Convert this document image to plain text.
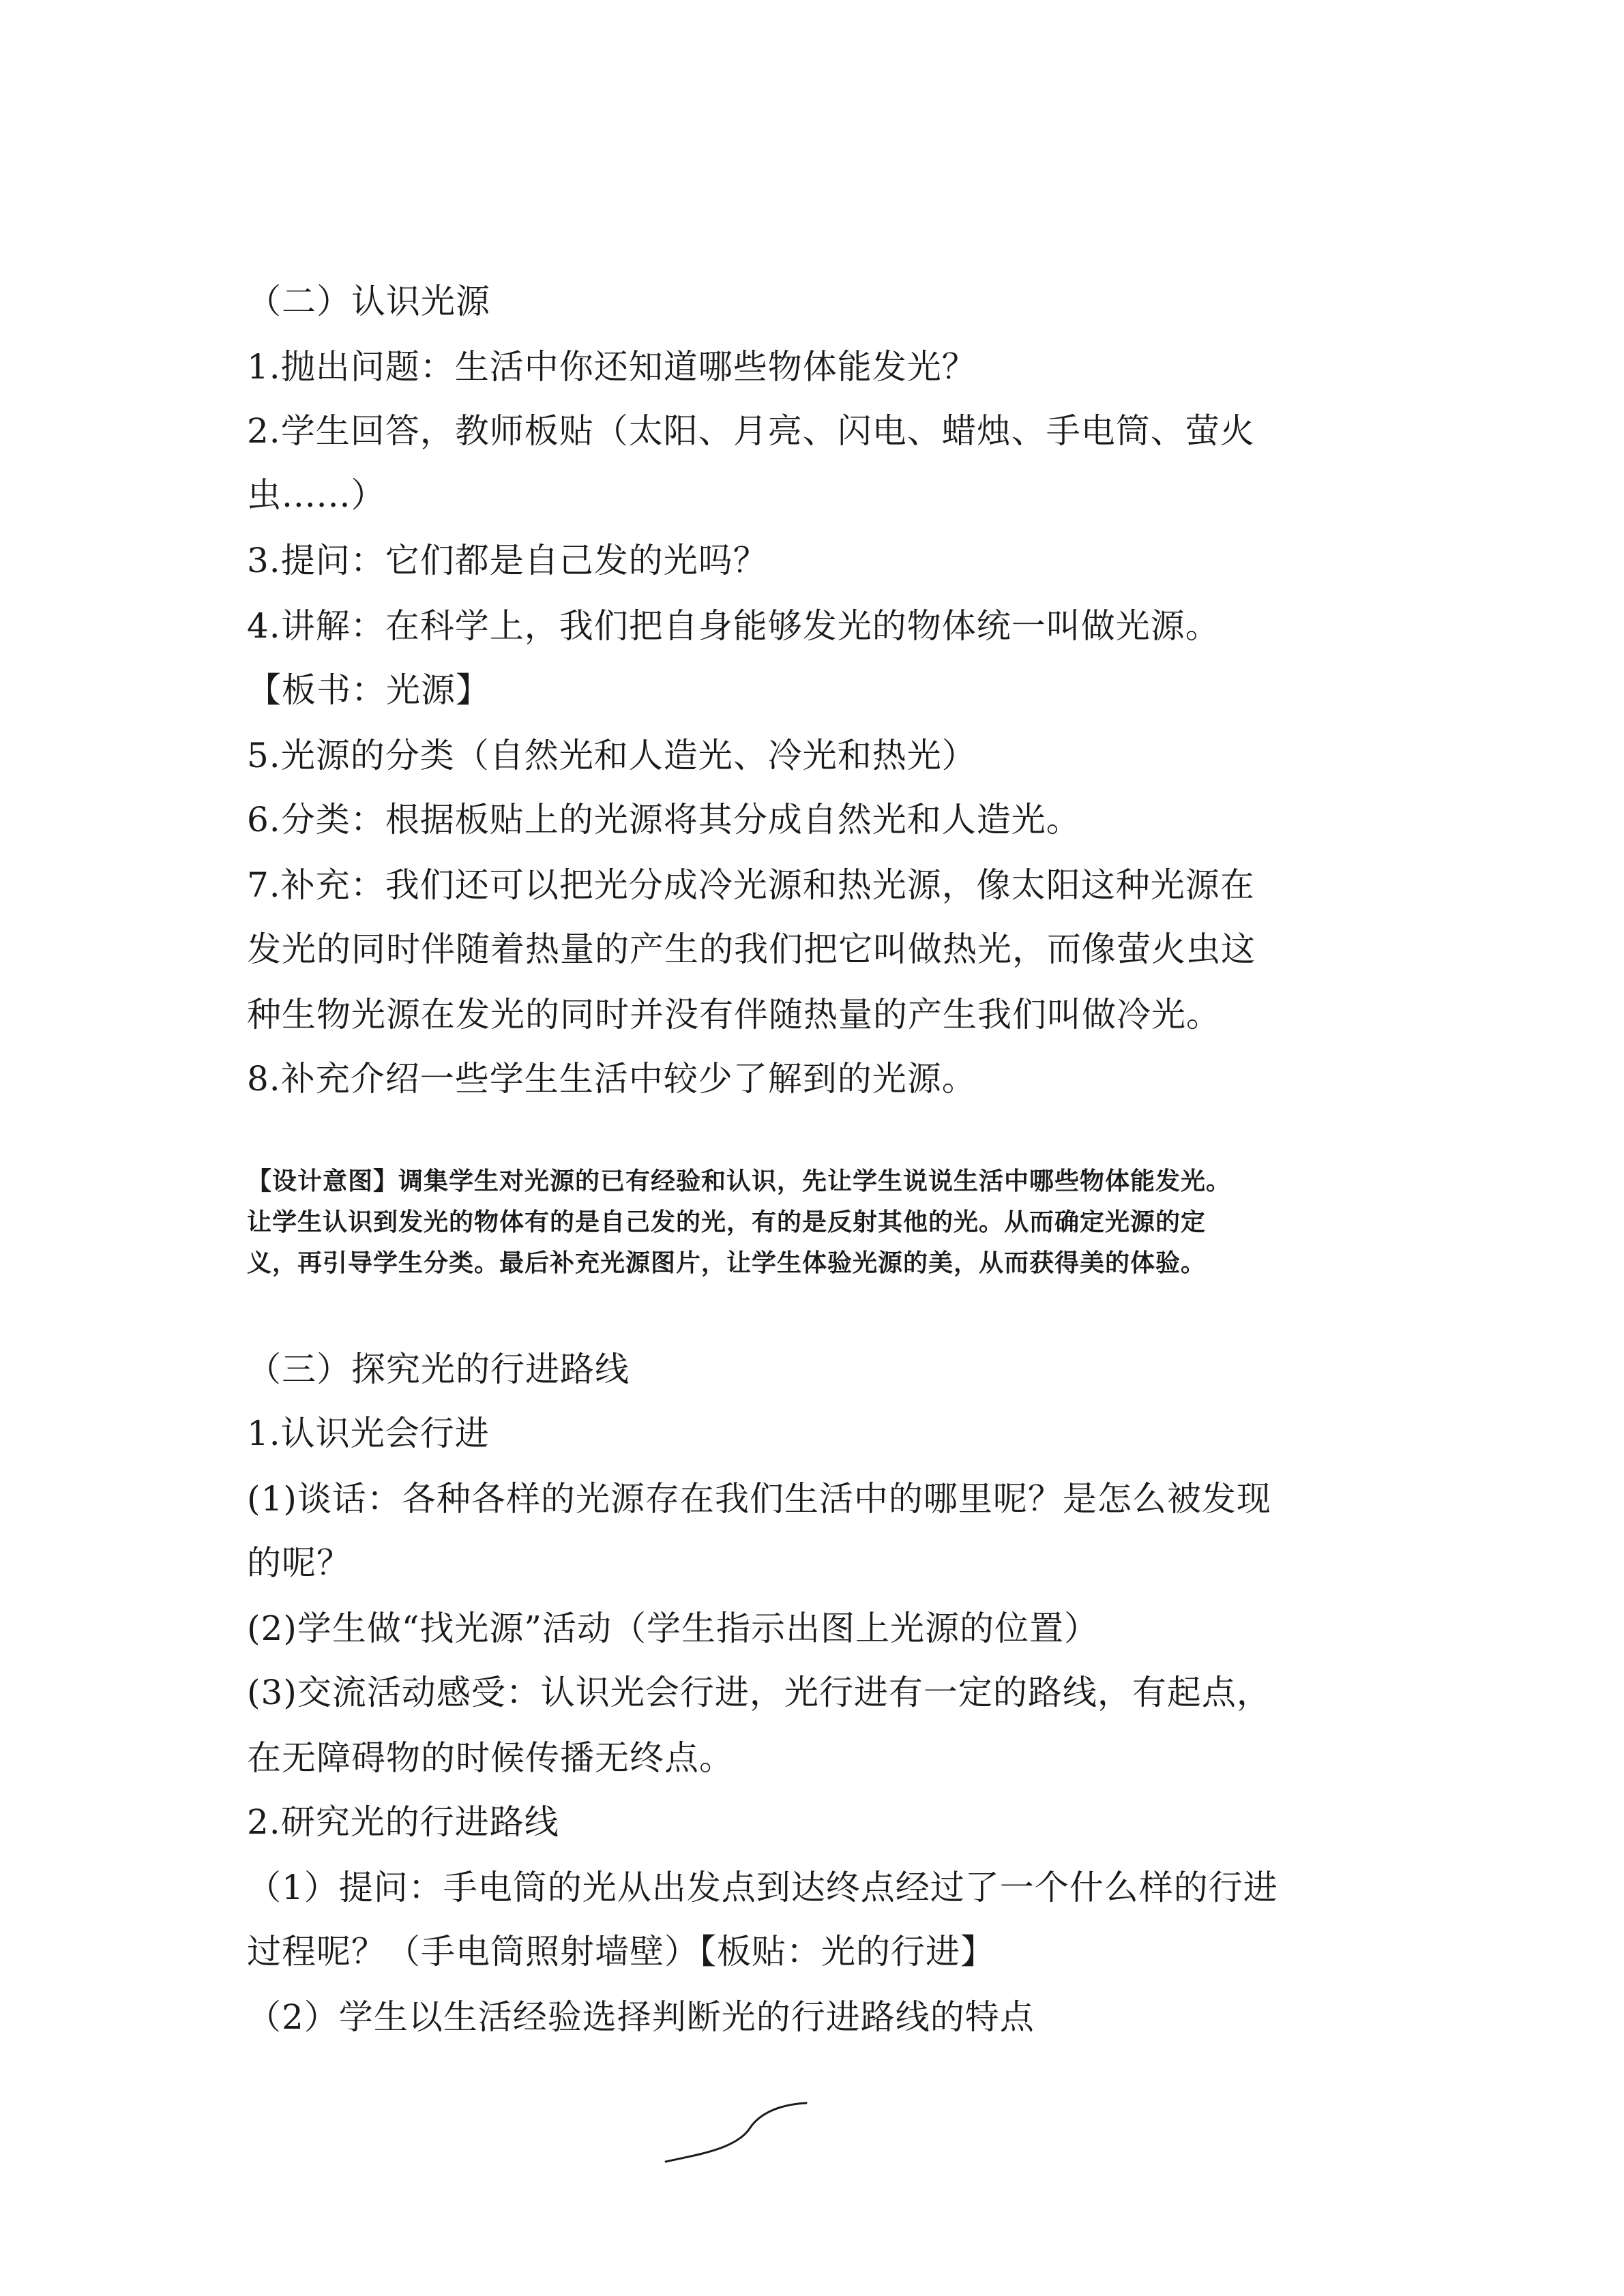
（二）认识光源
1.抛出问题：生活中你还知道哪些物体能发光？
2.学生回答，教师板贴（太阳、月亮、闪电、蜡烛、手电筒、萤火
虫......）
3.提问：它们都是自己发的光吗？
4.讲解：在科学上，我们把自身能够发光的物体统一叫做光源。
【板书：光源】
5.光源的分类（自然光和人造光、冷光和热光）
6.分类：根据板贴上的光源将其分成自然光和人造光。
7.补充：我们还可以把光分成冷光源和热光源，像太阳这种光源在
发光的同时伴随着热量的产生的我们把它叫做热光，而像萤火虫这
种生物光源在发光的同时并没有伴随热量的产生我们叫做冷光。
8.补充介绍一些学生生活中较少了解到的光源。
【设计意图】调集学生对光源的已有经验和认识，先让学生说说生活中哪些物体能发光。
让学生认识到发光的物体有的是自己发的光，有的是反射其他的光。从而确定光源的定
义，再引导学生分类。最后补充光源图片，让学生体验光源的美，从而获得美的体验。
（三）探究光的行进路线
1.认识光会行进
(1)谈话：各种各样的光源存在我们生活中的哪里呢？是怎么被发现
的呢？
(2)学生做“找光源”活动（学生指示出图上光源的位置）
(3)交流活动感受：认识光会行进，光行进有一定的路线，有起点，
在无障碍物的时候传播无终点。
2.研究光的行进路线
（1）提问：手电筒的光从出发点到达终点经过了一个什么样的行进
过程呢？（手电筒照射墙壁）【板贴：光的行进】
（2）学生以生活经验选择判断光的行进路线的特点
